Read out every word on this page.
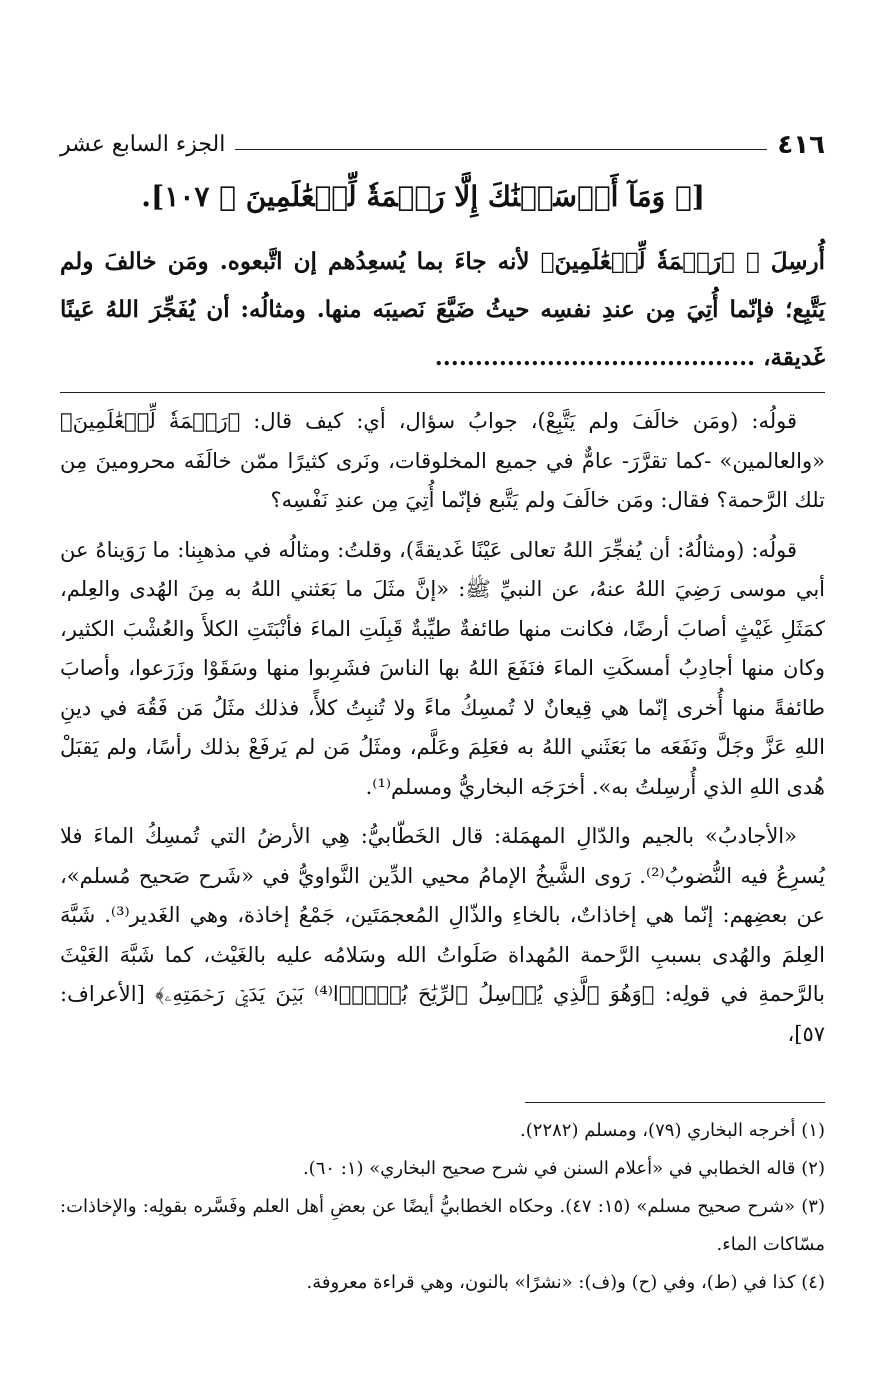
٤١٦
الجزء السابع عشر
[﴿ وَمَآ أَرۡسَلۡنَٰكَ إِلَّا رَحۡمَةٗ لِّلۡعَٰلَمِينَ ﴾ ١٠٧].

أُرسِلَ ﷺ ﴿رَحۡمَةٗ لِّلۡعَٰلَمِينَ﴾ لأنه جاءَ بما يُسعِدُهم إن اتَّبعوه. ومَن خالفَ ولم يَتَّبِع؛ فإنّما أُتِيَ مِن عندِ نفسِه حيثُ ضَيَّعَ نَصيبَه منها. ومثالُه: أن يُفَجِّرَ اللهُ عَينًا غَديقة، ........................................

قولُه: (ومَن خالَفَ ولم يَتَّبِعْ)، جوابُ سؤال، أي: كيف قال: ﴿رَحۡمَةٗ لِّلۡعَٰلَمِينَ﴾ «والعالمين» -كما تقرَّرَ- عامٌّ في جميع المخلوقات، ونَرى كثيرًا ممّن خالَفَه محرومينَ مِن تلك الرَّحمة؟ فقال: ومَن خالَفَ ولم يَتَّبع فإنّما أُتِيَ مِن عندِ نَفْسِه؟

قولُه: (ومثالُهُ: أن يُفجِّرَ اللهُ تعالى عَيْنًا غَديقةً)، وقلتُ: ومثالُه في مذهبِنا: ما رَوَيناهُ عن أبي موسى رَضِيَ اللهُ عنهُ، عن النبيِّ ﷺ: «إنَّ مثَلَ ما بَعَثني اللهُ به مِنَ الهُدى والعِلم، كمَثَلِ غَيْثٍ أصابَ أرضًا، فكانت منها طائفةٌ طيِّبةٌ قَبِلَتِ الماءَ فأنْبَتَتِ الكلأَ والعُشْبَ الكثير، وكان منها أجادِبُ أمسكَتِ الماءَ فنَفَعَ اللهُ بها الناسَ فشَرِبوا منها وسَقَوْا وزَرَعوا، وأصابَ طائفةً منها أُخرى إنّما هي قِيعانٌ لا تُمسِكُ ماءً ولا تُنبِتُ كلأً، فذلك مثَلُ مَن فَقُهَ في دينِ اللهِ عَزَّ وجَلَّ ونَفَعَه ما بَعَثَني اللهُ به فعَلِمَ وعَلَّم، ومثَلُ مَن لم يَرفَعْ بذلك رأسًا، ولم يَقبَلْ هُدى اللهِ الذي أُرسِلتُ به». أخرَجَه البخاريُّ ومسلم⁽¹⁾.

«الأجادبُ» بالجيم والدّالِ المهمَلة: قال الخَطّابيُّ: هِي الأرضُ التي تُمسِكُ الماءَ فلا يُسرِعُ فيه النُّضوبُ⁽²⁾. رَوى الشَّيخُ الإمامُ محيي الدِّين النَّواويُّ في «شَرح صَحيح مُسلم»، عن بعضِهم: إنّما هي إخاذاتٌ، بالخاءِ والذّالِ المُعجمَتَين، جَمْعُ إخاذة، وهي الغَدير⁽³⁾. شَبَّهَ العِلمَ والهُدى بسببِ الرَّحمة المُهداة صَلَواتُ الله وسَلامُه عليه بالغَيْث، كما شَبَّهَ الغَيْثَ بالرَّحمةِ في قولِه: ﴿وَهُوَ ٱلَّذِي يُرۡسِلُ ٱلرِّيَٰحَ بُشۡرَۢا⁽⁴⁾ بَيۡنَ يَدَيۡ رَحۡمَتِهِۦ﴾ [الأعراف: ٥٧]،

(١) أخرجه البخاري (٧٩)، ومسلم (٢٢٨٢).

(٢) قاله الخطابي في «أعلام السنن في شرح صحيح البخاري» (١: ٦٠).

(٣) «شرح صحيح مسلم» (١٥: ٤٧). وحكاه الخطابيُّ أيضًا عن بعضِ أهل العلم وفَسَّره بقولِه: والإخاذات: مسّاكات الماء.

(٤) كذا في (ط)، وفي (ح) و(ف): «نشرًا» بالنون، وهي قراءة معروفة.
